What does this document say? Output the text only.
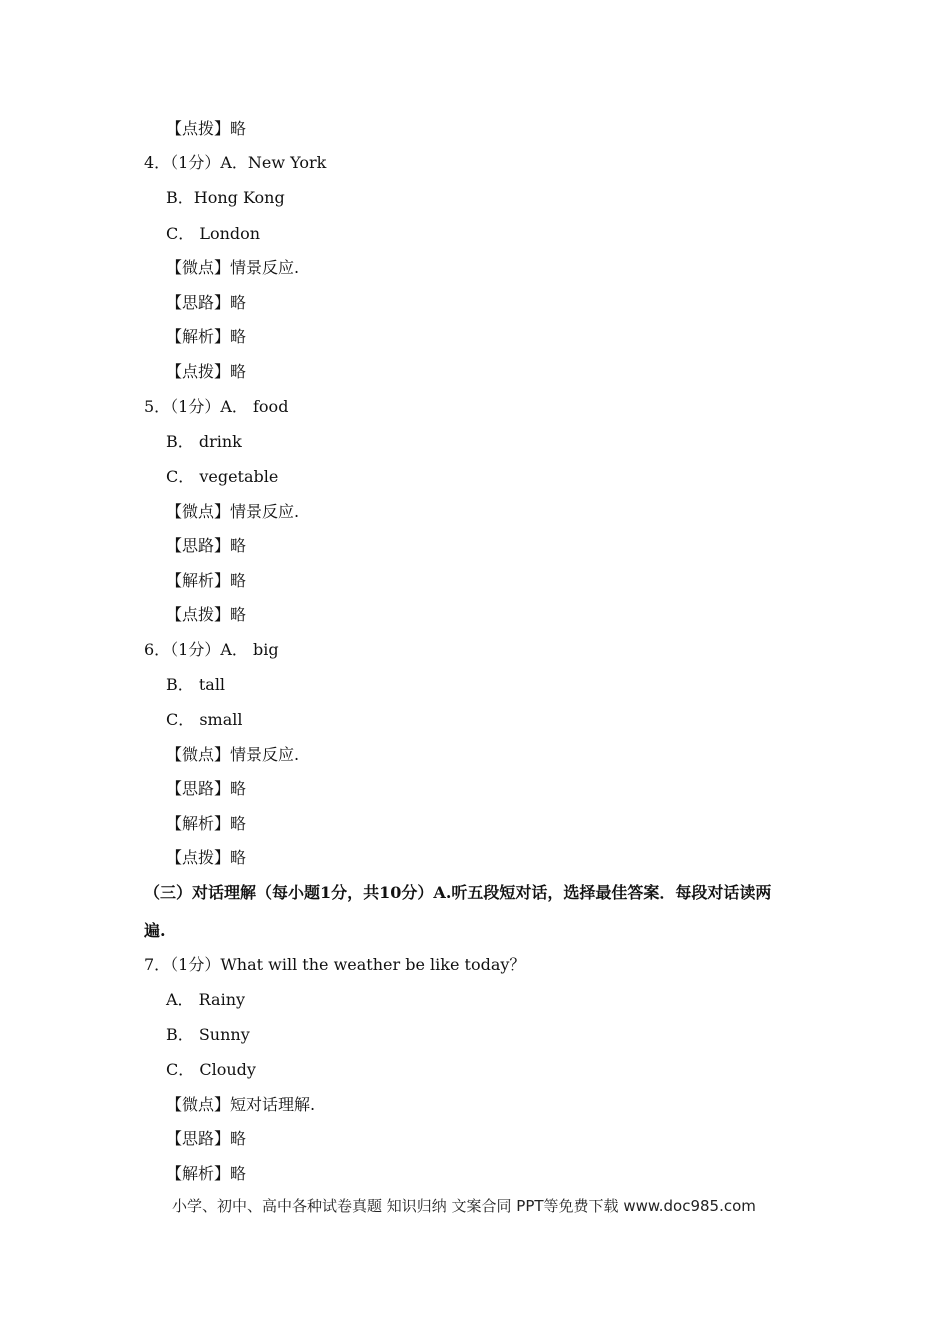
【点拨】略
4．（1分）A．New York
B．Hong Kong
C． London
【微点】情景反应.
【思路】略
【解析】略
【点拨】略
5．（1分）A． food
B． drink
C． vegetable
【微点】情景反应.
【思路】略
【解析】略
【点拨】略
6．（1分）A． big
B． tall
C． small
【微点】情景反应.
【思路】略
【解析】略
【点拨】略
（三）对话理解（每小题1分，共10分）A.听五段短对话，选择最佳答案．每段对话读两
遍.
7．（1分）What will the weather be like today？
A． Rainy
B． Sunny
C． Cloudy
【微点】短对话理解.
【思路】略
【解析】略
小学、初中、高中各种试卷真题 知识归纳 文案合同 PPT等免费下载 www.doc985.com
